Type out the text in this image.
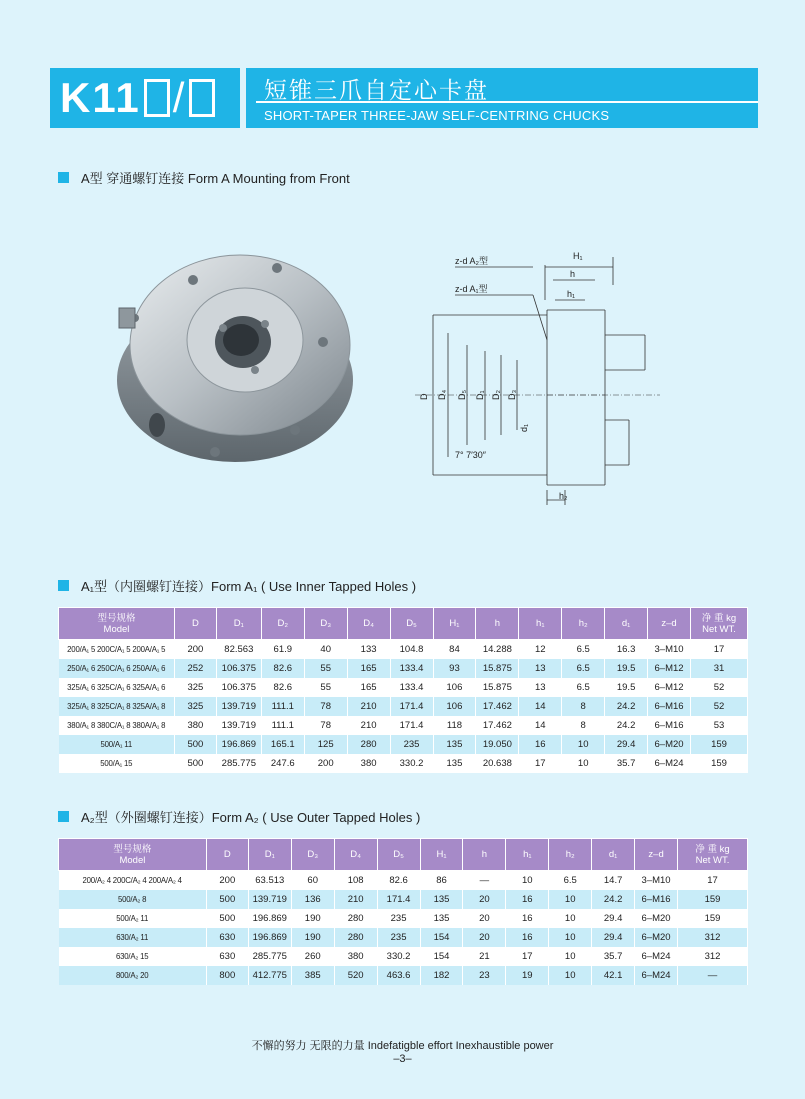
K11 /	短锥三爪自定心卡盘
SHORT-TAPER THREE-JAW SELF-CENTRING CHUCKS
A型 穿通螺钉连接 Form A Mounting from Front
z-d A₂型
z-d A₁型
H₁
h
h₁
h₂
D D₄ D₅ D₁ D₂ D₃
d₁
7° 7′30″
A₁型（内圈螺钉连接）Form A₁ ( Use Inner Tapped Holes )
型号规格
Model	D	D₁	D₂	D₃	D₄	D₅	H₁	h	h₁	h₂	d₁	z–d	净 重 kg
Net WT.
200/A₁ 5 200C/A₁ 5 200A/A₁ 5	200	82.563	61.9	40	133	104.8	84	14.288	12	6.5	16.3	3–M10	17
250/A₁ 6 250C/A₁ 6 250A/A₁ 6	252	106.375	82.6	55	165	133.4	93	15.875	13	6.5	19.5	6–M12	31
325/A₁ 6 325C/A₁ 6 325A/A₁ 6	325	106.375	82.6	55	165	133.4	106	15.875	13	6.5	19.5	6–M12	52
325/A₁ 8 325C/A₁ 8 325A/A₁ 8	325	139.719	111.1	78	210	171.4	106	17.462	14	8	24.2	6–M16	52
380/A₁ 8 380C/A₁ 8 380A/A₁ 8	380	139.719	111.1	78	210	171.4	118	17.462	14	8	24.2	6–M16	53
500/A₁ 11	500	196.869	165.1	125	280	235	135	19.050	16	10	29.4	6–M20	159
500/A₁ 15	500	285.775	247.6	200	380	330.2	135	20.638	17	10	35.7	6–M24	159
A₂型（外圈螺钉连接）Form A₂ ( Use Outer Tapped Holes )
型号规格
Model	D	D₁	D₃	D₄	D₅	H₁	h	h₁	h₂	d₁	z–d	净 重 kg
Net WT.
200/A₂ 4 200C/A₂ 4 200A/A₂ 4	200	63.513	60	108	82.6	86	—	10	6.5	14.7	3–M10	17
500/A₂ 8	500	139.719	136	210	171.4	135	20	16	10	24.2	6–M16	159
500/A₂ 11	500	196.869	190	280	235	135	20	16	10	29.4	6–M20	159
630/A₂ 11	630	196.869	190	280	235	154	20	16	10	29.4	6–M20	312
630/A₂ 15	630	285.775	260	380	330.2	154	21	17	10	35.7	6–M24	312
800/A₂ 20	800	412.775	385	520	463.6	182	23	19	10	42.1	6–M24	—
不懈的努力 无限的力量 Indefatigble effort Inexhaustible power
–3–
